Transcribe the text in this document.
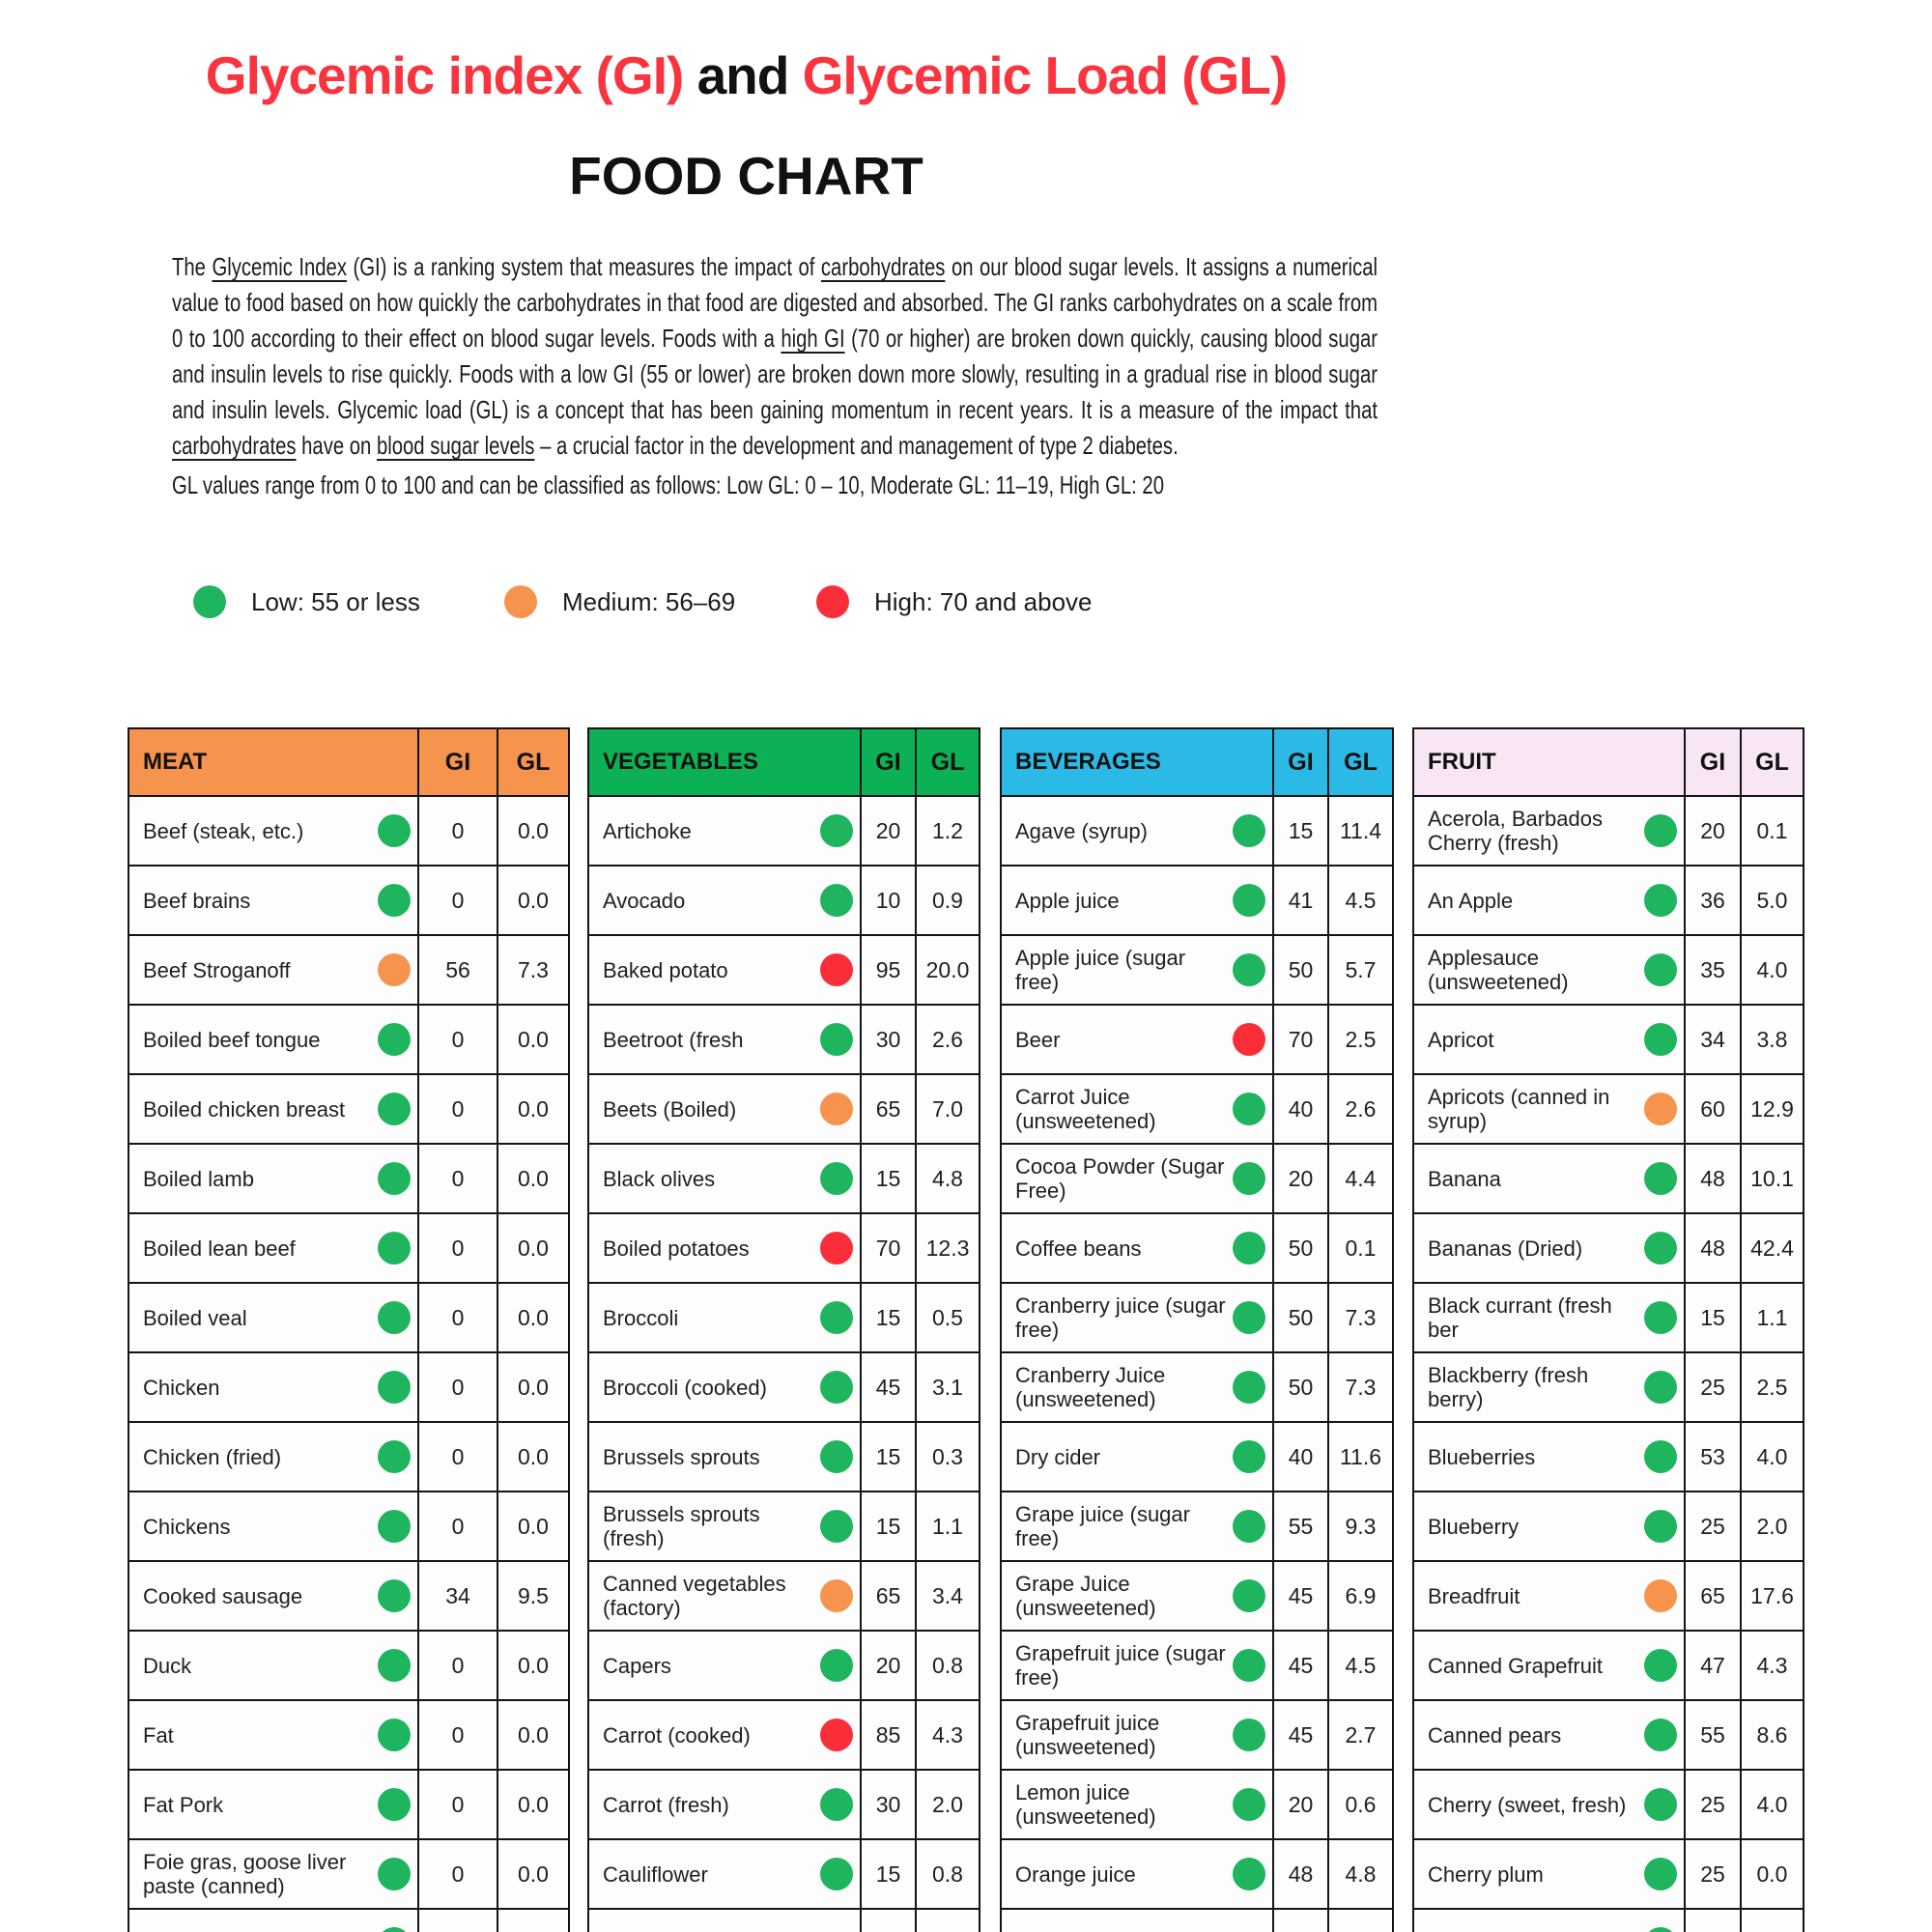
Glycemic index (GI) and Glycemic Load (GL)
FOOD CHART

The Glycemic Index (GI) is a ranking system that measures the impact of carbohydrates on our blood sugar levels. It assigns a numerical value to food based on how quickly the carbohydrates in that food are digested and absorbed. The GI ranks carbohydrates on a scale from 0 to 100 according to their effect on blood sugar levels. Foods with a high GI (70 or higher) are broken down quickly, causing blood sugar and insulin levels to rise quickly. Foods with a low GI (55 or lower) are broken down more slowly, resulting in a gradual rise in blood sugar and insulin levels. Glycemic load (GL) is a concept that has been gaining momentum in recent years. It is a measure of the impact that carbohydrates have on blood sugar levels – a crucial factor in the development and management of type 2 diabetes.

GL values range from 0 to 100 and can be classified as follows: Low GL: 0 – 10, Moderate GL: 11–19, High GL: 20

Low: 55 or less	Medium: 56–69	High: 70 and above
MEAT	GI	GL
Beef (steak, etc.)	0	0.0
Beef brains	0	0.0
Beef Stroganoff	56	7.3
Boiled beef tongue	0	0.0
Boiled chicken breast	0	0.0
Boiled lamb	0	0.0
Boiled lean beef	0	0.0
Boiled veal	0	0.0
Chicken	0	0.0
Chicken (fried)	0	0.0
Chickens	0	0.0
Cooked sausage	34	9.5
Duck	0	0.0
Fat	0	0.0
Fat Pork	0	0.0
Foie gras, goose liver paste (canned)	0	0.0

VEGETABLES	GI	GL
Artichoke	20	1.2
Avocado	10	0.9
Baked potato	95	20.0
Beetroot (fresh	30	2.6
Beets (Boiled)	65	7.0
Black olives	15	4.8
Boiled potatoes	70	12.3
Broccoli	15	0.5
Broccoli (cooked)	45	3.1
Brussels sprouts	15	0.3
Brussels sprouts (fresh)	15	1.1
Canned vegetables (factory)	65	3.4
Capers	20	0.8
Carrot (cooked)	85	4.3
Carrot (fresh)	30	2.0
Cauliflower	15	0.8

BEVERAGES	GI	GL
Agave (syrup)	15	11.4
Apple juice	41	4.5
Apple juice (sugar free)	50	5.7
Beer	70	2.5
Carrot Juice (unsweetened)	40	2.6
Cocoa Powder (Sugar Free)	20	4.4
Coffee beans	50	0.1
Cranberry juice (sugar free)	50	7.3
Cranberry Juice (unsweetened)	50	7.3
Dry cider	40	11.6
Grape juice (sugar free)	55	9.3
Grape Juice (unsweetened)	45	6.9
Grapefruit juice (sugar free)	45	4.5
Grapefruit juice (unsweetened)	45	2.7
Lemon juice (unsweetened)	20	0.6
Orange juice	48	4.8

FRUIT	GI	GL
Acerola, Barbados Cherry (fresh)	20	0.1
An Apple	36	5.0
Applesauce (unsweetened)	35	4.0
Apricot	34	3.8
Apricots (canned in syrup)	60	12.9
Banana	48	10.1
Bananas (Dried)	48	42.4
Black currant (fresh ber	15	1.1
Blackberry (fresh berry)	25	2.5
Blueberries	53	4.0
Blueberry	25	2.0
Breadfruit	65	17.6
Canned Grapefruit	47	4.3
Canned pears	55	8.6
Cherry (sweet, fresh)	25	4.0
Cherry plum	25	0.0
